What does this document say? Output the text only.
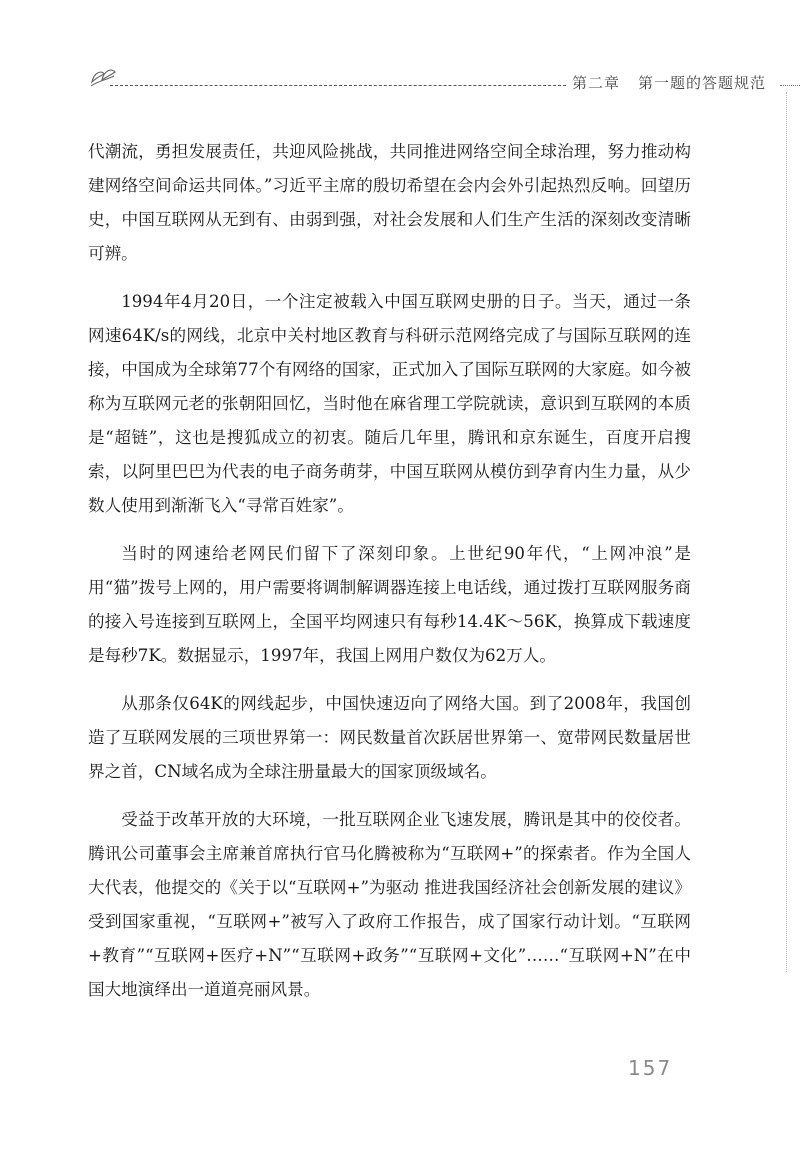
第二章 第一题的答题规范

代潮流，勇担发展责任，共迎风险挑战，共同推进网络空间全球治理，努力推动构建网络空间命运共同体。”习近平主席的殷切希望在会内会外引起热烈反响。回望历史，中国互联网从无到有、由弱到强，对社会发展和人们生产生活的深刻改变清晰可辨。

1994年4月20日，一个注定被载入中国互联网史册的日子。当天，通过一条网速64K/s的网线，北京中关村地区教育与科研示范网络完成了与国际互联网的连接，中国成为全球第77个有网络的国家，正式加入了国际互联网的大家庭。如今被称为互联网元老的张朝阳回忆，当时他在麻省理工学院就读，意识到互联网的本质是“超链”，这也是搜狐成立的初衷。随后几年里，腾讯和京东诞生，百度开启搜索，以阿里巴巴为代表的电子商务萌芽，中国互联网从模仿到孕育内生力量，从少数人使用到渐渐飞入“寻常百姓家”。

当时的网速给老网民们留下了深刻印象。上世纪90年代，“上网冲浪”是用“猫”拨号上网的，用户需要将调制解调器连接上电话线，通过拨打互联网服务商的接入号连接到互联网上，全国平均网速只有每秒14.4K～56K，换算成下载速度是每秒7K。数据显示，1997年，我国上网用户数仅为62万人。

从那条仅64K的网线起步，中国快速迈向了网络大国。到了2008年，我国创造了互联网发展的三项世界第一：网民数量首次跃居世界第一、宽带网民数量居世界之首，CN域名成为全球注册量最大的国家顶级域名。

受益于改革开放的大环境，一批互联网企业飞速发展，腾讯是其中的佼佼者。腾讯公司董事会主席兼首席执行官马化腾被称为“互联网+”的探索者。作为全国人大代表，他提交的《关于以“互联网+”为驱动 推进我国经济社会创新发展的建议》受到国家重视，“互联网+”被写入了政府工作报告，成了国家行动计划。“互联网+教育”“互联网+医疗+N”“互联网+政务”“互联网+文化”……“互联网+N”在中国大地演绎出一道道亮丽风景。

157
